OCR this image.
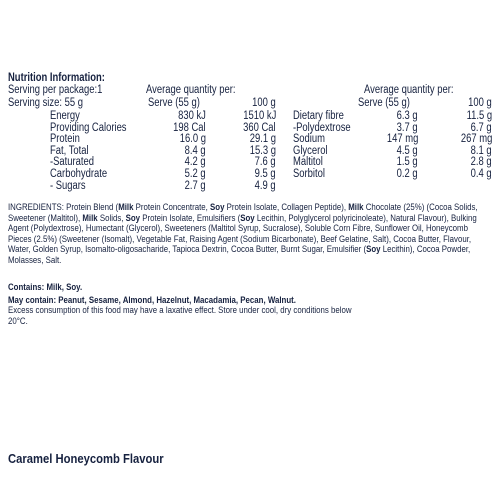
Nutrition Information:
Serving per package:1
Serving size: 55 g
Average quantity per:
Serve (55 g)	100 g
Average quantity per:
Serve (55 g)	100 g
Energy	830 kJ	1510 kJ
Providing Calories	198 Cal	360 Cal
Protein	16.0 g	29.1 g
Fat, Total	8.4 g	15.3 g
-Saturated	4.2 g	7.6 g
Carbohydrate	5.2 g	9.5 g
- Sugars	2.7 g	4.9 g
Dietary fibre	6.3 g	11.5 g
-Polydextrose	3.7 g	6.7 g
Sodium	147 mg	267 mg
Glycerol	4.5 g	8.1 g
Maltitol	1.5 g	2.8 g
Sorbitol	0.2 g	0.4 g
INGREDIENTS: Protein Blend (Milk Protein Concentrate, Soy Protein Isolate, Collagen Peptide), Milk Chocolate (25%) (Cocoa Solids, Sweetener (Maltitol), Milk Solids, Soy Protein Isolate, Emulsifiers (Soy Lecithin, Polyglycerol polyricinoleate), Natural Flavour), Bulking Agent (Polydextrose), Humectant (Glycerol), Sweeteners (Maltitol Syrup, Sucralose), Soluble Corn Fibre, Sunflower Oil, Honeycomb Pieces (2.5%) (Sweetener (Isomalt), Vegetable Fat, Raising Agent (Sodium Bicarbonate), Beef Gelatine, Salt), Cocoa Butter, Flavour, Water, Golden Syrup, Isomalto-oligosacharide, Tapioca Dextrin, Cocoa Butter, Burnt Sugar, Emulsifier (Soy Lecithin), Cocoa Powder, Molasses, Salt.
Contains: Milk, Soy.
May contain: Peanut, Sesame, Almond, Hazelnut, Macadamia, Pecan, Walnut.
Excess consumption of this food may have a laxative effect. Store under cool, dry conditions below 20°C.
Caramel Honeycomb Flavour
